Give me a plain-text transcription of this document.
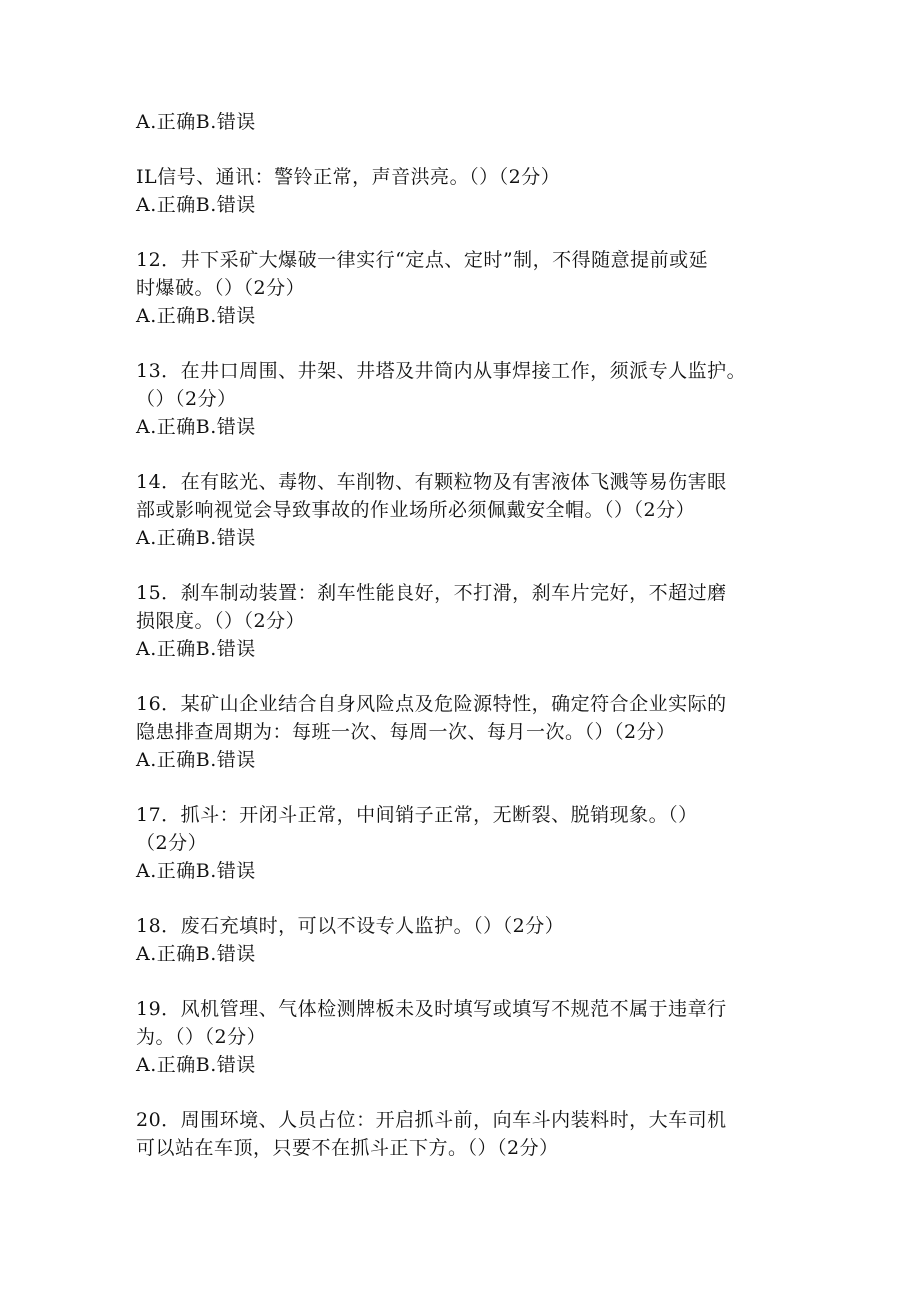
A.正确B.错误
IL信号、通讯：警铃正常，声音洪亮。（）（2分）
A.正确B.错误
12．井下采矿大爆破一律实行“定点、定时”制，不得随意提前或延
时爆破。（）（2分）
A.正确B.错误
13．在井口周围、井架、井塔及井筒内从事焊接工作，须派专人监护。
（）（2分）
A.正确B.错误
14．在有眩光、毒物、车削物、有颗粒物及有害液体飞溅等易伤害眼
部或影响视觉会导致事故的作业场所必须佩戴安全帽。（）（2分）
A.正确B.错误
15．刹车制动装置：刹车性能良好，不打滑，刹车片完好，不超过磨
损限度。（）（2分）
A.正确B.错误
16．某矿山企业结合自身风险点及危险源特性，确定符合企业实际的
隐患排查周期为：每班一次、每周一次、每月一次。（）（2分）
A.正确B.错误
17．抓斗：开闭斗正常，中间销子正常，无断裂、脱销现象。（）
（2分）
A.正确B.错误
18．废石充填时，可以不设专人监护。（）（2分）
A.正确B.错误
19．风机管理、气体检测牌板未及时填写或填写不规范不属于违章行
为。（）（2分）
A.正确B.错误
20．周围环境、人员占位：开启抓斗前，向车斗内装料时，大车司机
可以站在车顶，只要不在抓斗正下方。（）（2分）
